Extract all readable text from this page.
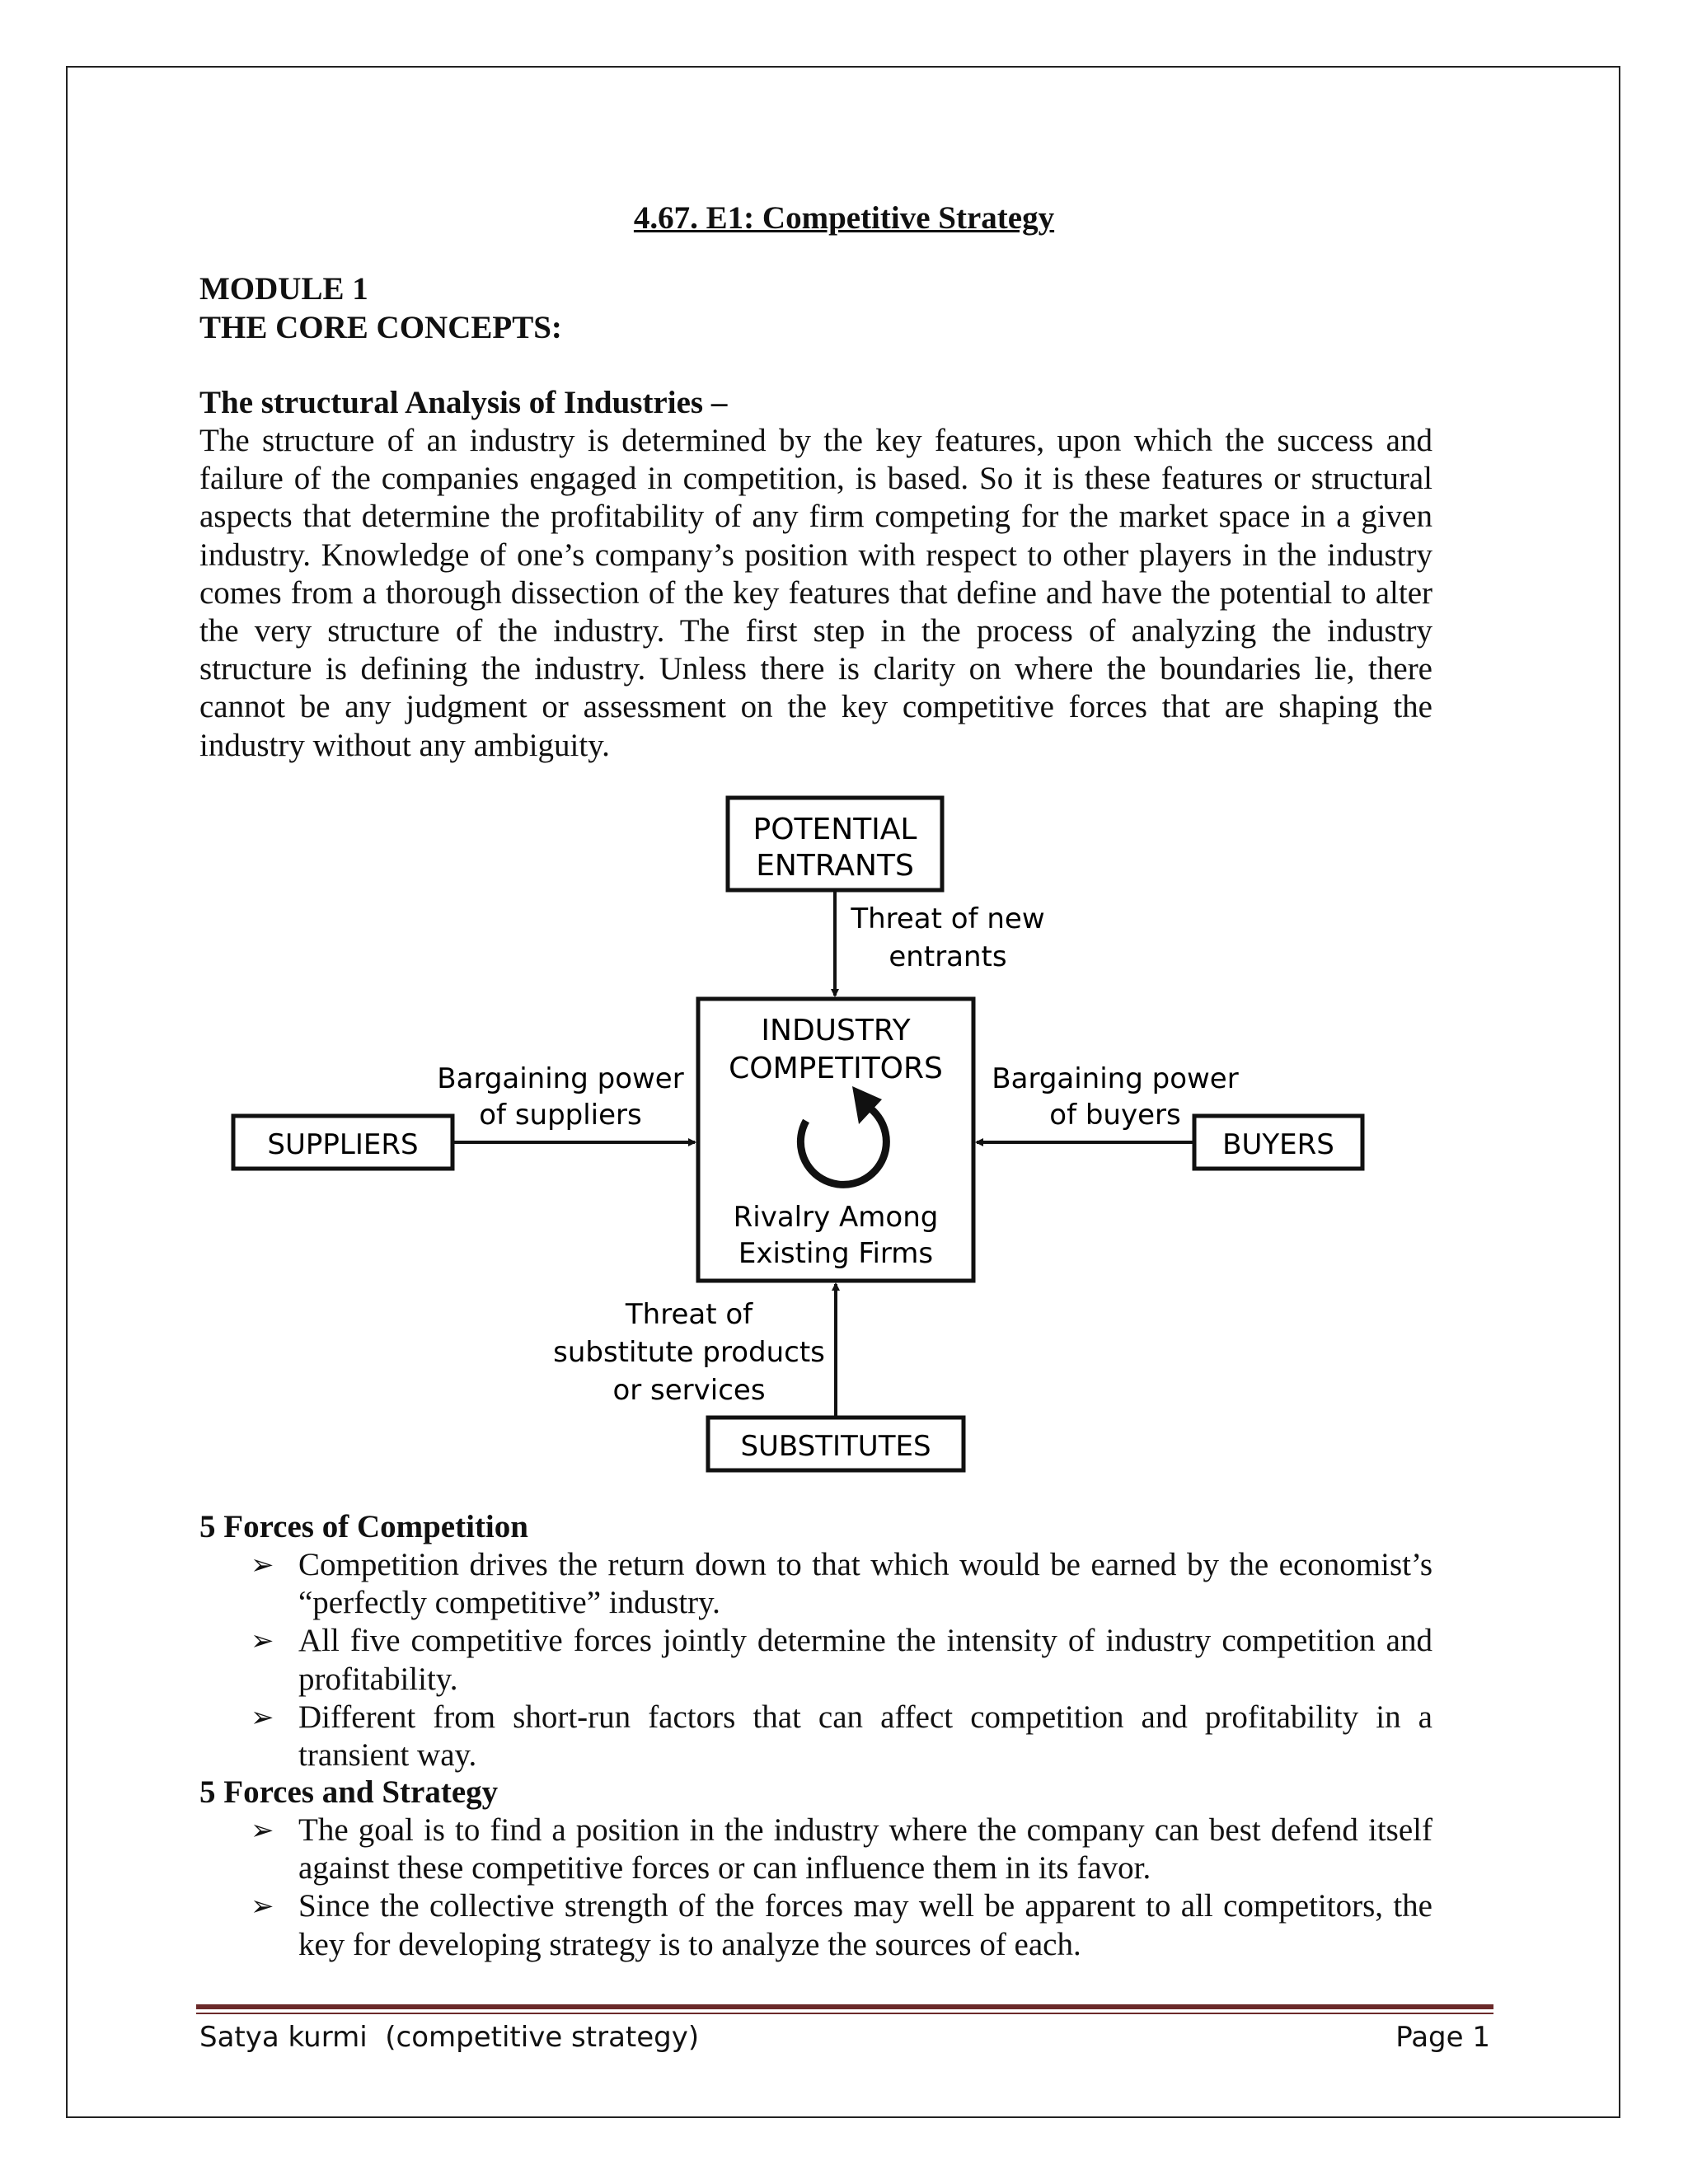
4.67. E1: Competitive Strategy
MODULE 1
THE CORE CONCEPTS:
The structural Analysis of Industries –

The structure of an industry is determined by the key features, upon which the success and failure of the companies engaged in competition, is based. So it is these features or structural aspects that determine the profitability of any firm competing for the market space in a given industry. Knowledge of one’s company’s position with respect to other players in the industry comes from a thorough dissection of the key features that define and have the potential to alter the very structure of the industry. The first step in the process of analyzing the industry structure is defining the industry. Unless there is clarity on where the boundaries lie, there cannot be any judgment or assessment on the key competitive forces that are shaping the industry without any ambiguity.

POTENTIAL
ENTRANTS
Threat of new
entrants
INDUSTRY
COMPETITORS
Rivalry Among
Existing Firms
SUPPLIERS
Bargaining power
of suppliers
BUYERS
Bargaining power
of buyers
SUBSTITUTES
Threat of
substitute products
or services
5 Forces of Competition
➢ Competition drives the return down to that which would be earned by the economist’s “perfectly competitive” industry.
➢ All five competitive forces jointly determine the intensity of industry competition and profitability.
➢ Different from short-run factors that can affect competition and profitability in a transient way.
5 Forces and Strategy
➢ The goal is to find a position in the industry where the company can best defend itself against these competitive forces or can influence them in its favor.
➢ Since the collective strength of the forces may well be apparent to all competitors, the key for developing strategy is to analyze the sources of each.
Satya kurmi  (competitive strategy)	Page 1
